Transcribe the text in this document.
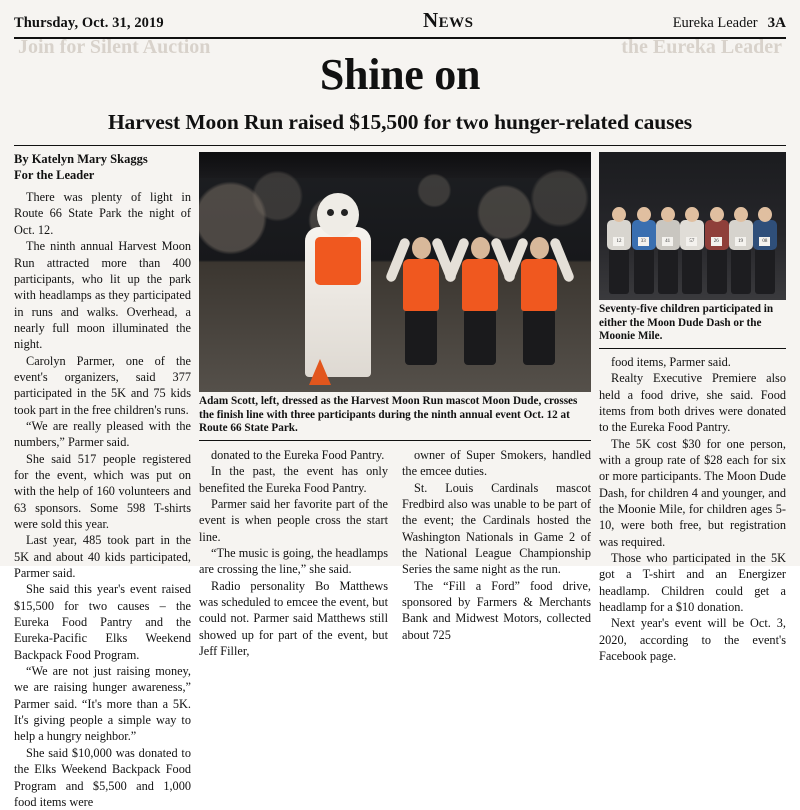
Thursday, Oct. 31, 2019	News	Eureka Leader 3A
Join for Silent Auction	the Eureka Leader
Shine on
Harvest Moon Run raised $15,500 for two hunger-related causes
By Katelyn Mary Skaggs
For the Leader

There was plenty of light in Route 66 State Park the night of Oct. 12.

The ninth annual Harvest Moon Run attracted more than 400 participants, who lit up the park with headlamps as they participated in runs and walks. Overhead, a nearly full moon illuminated the night.

Carolyn Parmer, one of the event's organizers, said 377 participated in the 5K and 75 kids took part in the free children's runs.

“We are really pleased with the numbers,” Parmer said.

She said 517 people registered for the event, which was put on with the help of 160 volunteers and 63 sponsors. Some 598 T-shirts were sold this year.

Last year, 485 took part in the 5K and about 40 kids participated, Parmer said.

She said this year's event raised $15,500 for two causes – the Eureka Food Pantry and the Eureka-Pacific Elks Weekend Backpack Food Program.

“We are not just raising money, we are raising hunger awareness,” Parmer said. “It's more than a 5K. It's giving people a simple way to help a hungry neighbor.”

She said $10,000 was donated to the Elks Weekend Backpack Food Program and $5,500 and 1,000 food items were

Adam Scott, left, dressed as the Harvest Moon Run mascot Moon Dude, crosses the finish line with three participants during the ninth annual event Oct. 12 at Route 66 State Park.

donated to the Eureka Food Pantry.

In the past, the event has only benefited the Eureka Food Pantry.

Parmer said her favorite part of the event is when people cross the start line.

“The music is going, the headlamps are crossing the line,” she said.

Radio personality Bo Matthews was scheduled to emcee the event, but could not. Parmer said Matthews still showed up for part of the event, but Jeff Filler,

owner of Super Smokers, handled the emcee duties.

St. Louis Cardinals mascot Fredbird also was unable to be part of the event; the Cardinals hosted the Washington Nationals in Game 2 of the National League Championship Series the same night as the run.

The “Fill a Ford” food drive, sponsored by Farmers & Merchants Bank and Midwest Motors, collected about 725

12	33	41	57	26	19	08
Seventy-five children participated in either the Moon Dude Dash or the Moonie Mile.

food items, Parmer said.

Realty Executive Premiere also held a food drive, she said. Food items from both drives were donated to the Eureka Food Pantry.

The 5K cost $30 for one person, with a group rate of $28 each for six or more participants. The Moon Dude Dash, for children 4 and younger, and the Moonie Mile, for children ages 5-10, were both free, but registration was required.

Those who participated in the 5K got a T-shirt and an Energizer headlamp. Children could get a headlamp for a $10 donation.

Next year's event will be Oct. 3, 2020, according to the event's Facebook page.
